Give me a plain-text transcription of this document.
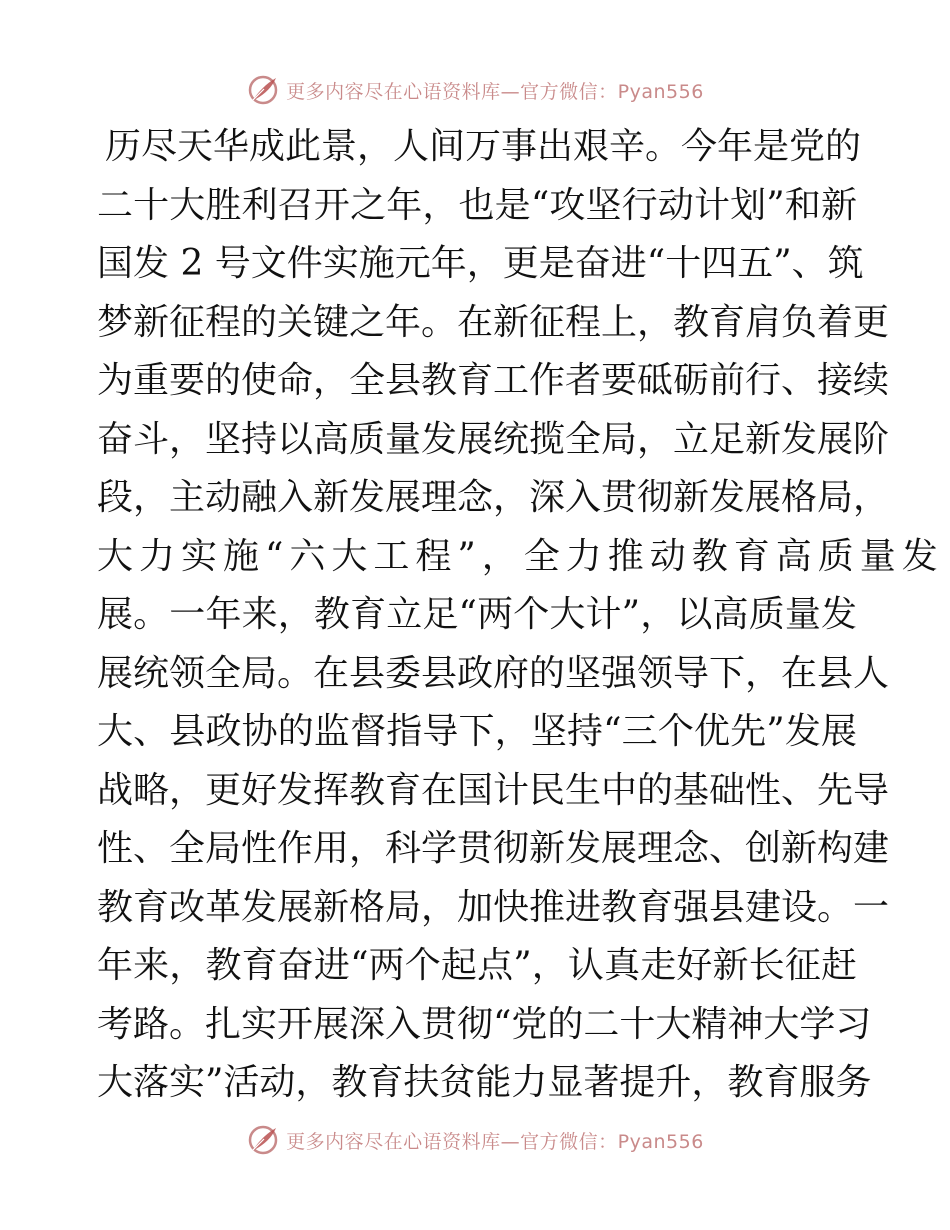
更多内容尽在心语资料库—官方微信：Pyan556
历尽天华成此景，人间万事出艰辛。今年是党的
二十大胜利召开之年，也是“攻坚行动计划”和新
国发 2 号文件实施元年，更是奋进“十四五”、筑
梦新征程的关键之年。在新征程上，教育肩负着更
为重要的使命，全县教育工作者要砥砺前行、接续
奋斗，坚持以高质量发展统揽全局，立足新发展阶
段，主动融入新发展理念，深入贯彻新发展格局，
大力实施“六大工程”，全力推动教育高质量发
展。一年来，教育立足“两个大计”，以高质量发
展统领全局。在县委县政府的坚强领导下，在县人
大、县政协的监督指导下，坚持“三个优先”发展
战略，更好发挥教育在国计民生中的基础性、先导
性、全局性作用，科学贯彻新发展理念、创新构建
教育改革发展新格局，加快推进教育强县建设。一
年来，教育奋进“两个起点”，认真走好新长征赶
考路。扎实开展深入贯彻“党的二十大精神大学习
大落实”活动，教育扶贫能力显著提升，教育服务
更多内容尽在心语资料库—官方微信：Pyan556
